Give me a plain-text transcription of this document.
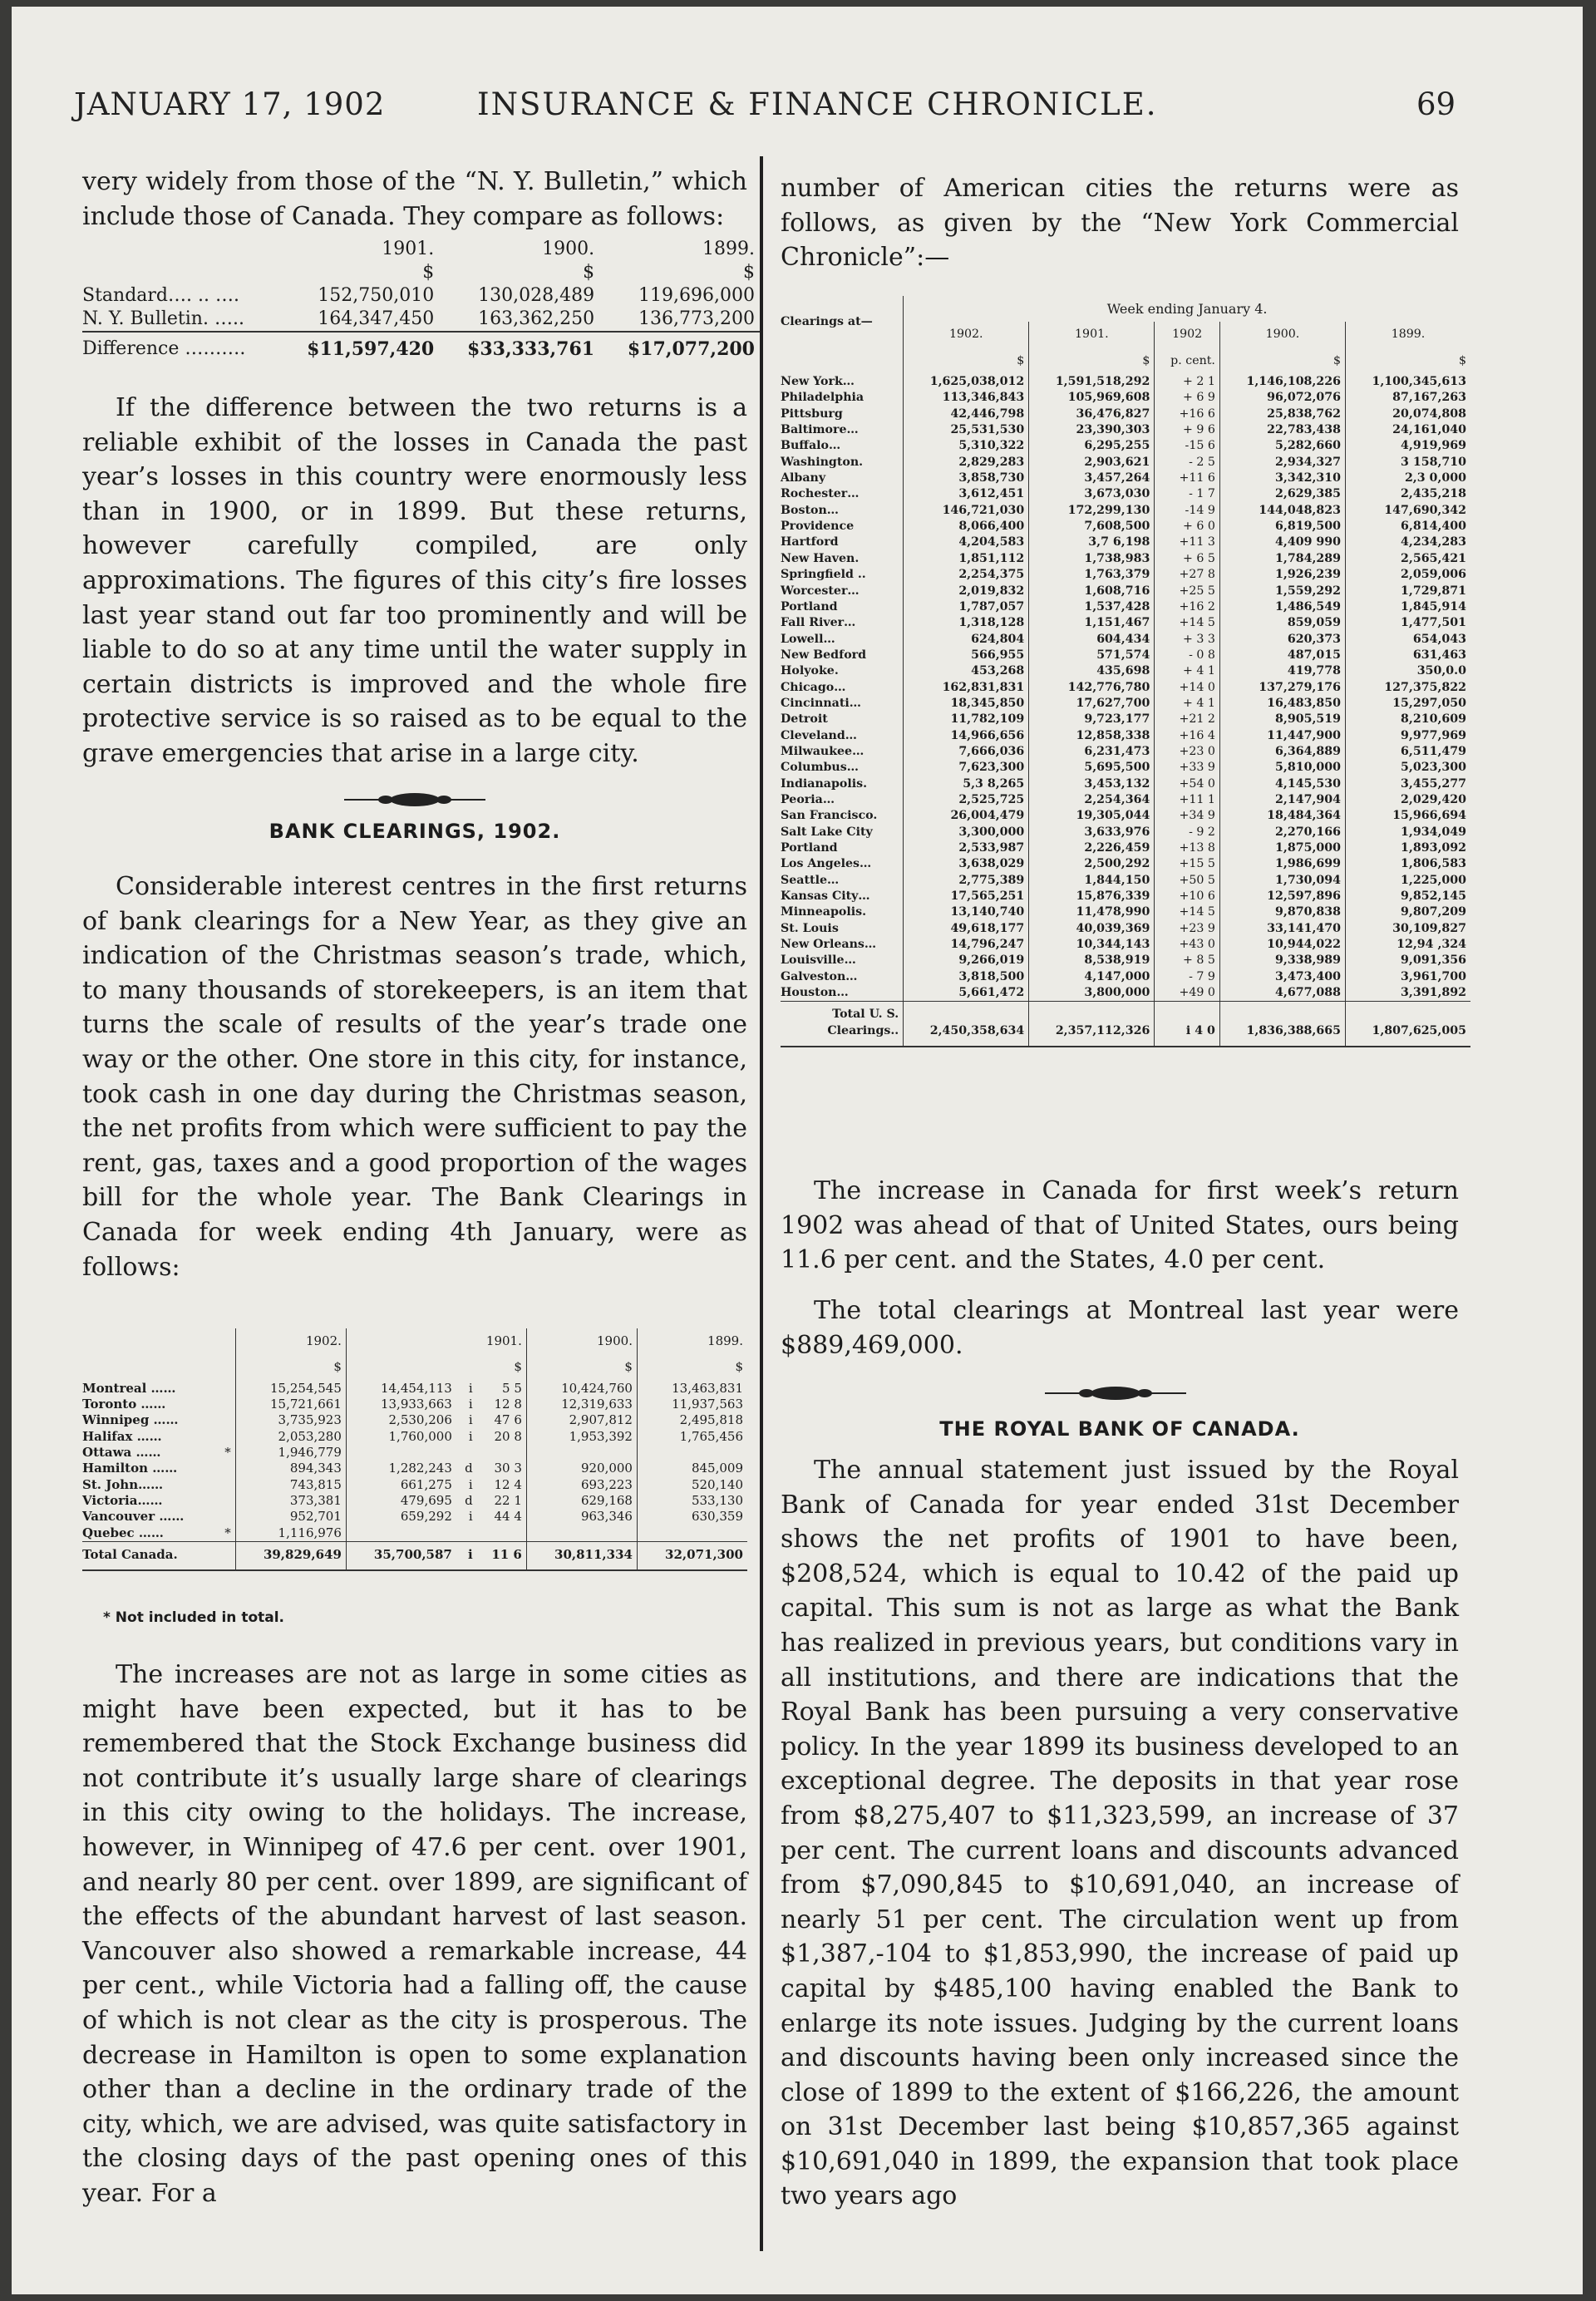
JANUARY 17, 1902	INSURANCE & FINANCE CHRONICLE.	69

very widely from those of the “N. Y. Bulletin,” which include those of Canada. They compare as follows:

	1901.	1900.	1899.
	$	$	$
Standard…. .. ….	152,750,010	130,028,489	119,696,000
N. Y. Bulletin. …..	164,347,450	163,362,250	136,773,200
Difference ……….	$11,597,420	$33,333,761	$17,077,200

If the difference between the two returns is a reliable exhibit of the losses in Canada the past year’s losses in this country were enormously less than in 1900, or in 1899. But these returns, however carefully compiled, are only approximations. The figures of this city’s fire losses last year stand out far too prominently and will be liable to do so at any time until the water supply in certain districts is improved and the whole fire protective service is so raised as to be equal to the grave emergencies that arise in a large city.

BANK CLEARINGS, 1902.

Considerable interest centres in the first returns of bank clearings for a New Year, as they give an indication of the Christmas season’s trade, which, to many thousands of storekeepers, is an item that turns the scale of results of the year’s trade one way or the other. One store in this city, for instance, took cash in one day during the Christmas season, the net profits from which were sufficient to pay the rent, gas, taxes and a good proportion of the wages bill for the whole year. The Bank Clearings in Canada for week ending 4th January, were as follows:

		1902.	1901.			1900.	1899.
		$	$			$	$
Montreal ……		15,254,545	14,454,113	i	5 5	10,424,760	13,463,831
Toronto ……		15,721,661	13,933,663	i	12 8	12,319,633	11,937,563
Winnipeg ……		3,735,923	2,530,206	i	47 6	2,907,812	2,495,818
Halifax ……		2,053,280	1,760,000	i	20 8	1,953,392	1,765,456
Ottawa ……	*	1,946,779					
Hamilton ……		894,343	1,282,243	d	30 3	920,000	845,009
St. John……		743,815	661,275	i	12 4	693,223	520,140
Victoria……		373,381	479,695	d	22 1	629,168	533,130
Vancouver ……		952,701	659,292	i	44 4	963,346	630,359
Quebec ……	*	1,116,976					
Total Canada.		39,829,649	35,700,587	i	11 6	30,811,334	32,071,300
* Not included in total.

The increases are not as large in some cities as might have been expected, but it has to be remembered that the Stock Exchange business did not contribute it’s usually large share of clearings in this city owing to the holidays. The increase, however, in Winnipeg of 47.6 per cent. over 1901, and nearly 80 per cent. over 1899, are significant of the effects of the abundant harvest of last season. Vancouver also showed a remarkable increase, 44 per cent., while Victoria had a falling off, the cause of which is not clear as the city is prosperous. The decrease in Hamilton is open to some explanation other than a decline in the ordinary trade of the city, which, we are advised, was quite satisfactory in the closing days of the past opening ones of this year. For a

number of American cities the returns were as follows, as given by the “New York Commercial Chronicle”:—

Clearings at—	Week ending January 4.				
	1902.	1901.	1902	1900.	1899.
	$	$	p. cent.	$	$
New York…	1,625,038,012	1,591,518,292	+ 2 1	1,146,108,226	1,100,345,613
Philadelphia	113,346,843	105,969,608	+ 6 9	96,072,076	87,167,263
Pittsburg	42,446,798	36,476,827	+16 6	25,838,762	20,074,808
Baltimore…	25,531,530	23,390,303	+ 9 6	22,783,438	24,161,040
Buffalo…	5,310,322	6,295,255	-15 6	5,282,660	4,919,969
Washington.	2,829,283	2,903,621	- 2 5	2,934,327	3 158,710
Albany	3,858,730	3,457,264	+11 6	3,342,310	2,3 0,000
Rochester…	3,612,451	3,673,030	- 1 7	2,629,385	2,435,218
Boston…	146,721,030	172,299,130	-14 9	144,048,823	147,690,342
Providence	8,066,400	7,608,500	+ 6 0	6,819,500	6,814,400
Hartford	4,204,583	3,7 6,198	+11 3	4,409 990	4,234,283
New Haven.	1,851,112	1,738,983	+ 6 5	1,784,289	2,565,421
Springfield ..	2,254,375	1,763,379	+27 8	1,926,239	2,059,006
Worcester…	2,019,832	1,608,716	+25 5	1,559,292	1,729,871
Portland	1,787,057	1,537,428	+16 2	1,486,549	1,845,914
Fall River…	1,318,128	1,151,467	+14 5	859,059	1,477,501
Lowell…	624,804	604,434	+ 3 3	620,373	654,043
New Bedford	566,955	571,574	- 0 8	487,015	631,463
Holyoke.	453,268	435,698	+ 4 1	419,778	350,0.0
Chicago…	162,831,831	142,776,780	+14 0	137,279,176	127,375,822
Cincinnati…	18,345,850	17,627,700	+ 4 1	16,483,850	15,297,050
Detroit	11,782,109	9,723,177	+21 2	8,905,519	8,210,609
Cleveland…	14,966,656	12,858,338	+16 4	11,447,900	9,977,969
Milwaukee…	7,666,036	6,231,473	+23 0	6,364,889	6,511,479
Columbus…	7,623,300	5,695,500	+33 9	5,810,000	5,023,300
Indianapolis.	5,3 8,265	3,453,132	+54 0	4,145,530	3,455,277
Peoria…	2,525,725	2,254,364	+11 1	2,147,904	2,029,420
San Francisco.	26,004,479	19,305,044	+34 9	18,484,364	15,966,694
Salt Lake City	3,300,000	3,633,976	- 9 2	2,270,166	1,934,049
Portland	2,533,987	2,226,459	+13 8	1,875,000	1,893,092
Los Angeles…	3,638,029	2,500,292	+15 5	1,986,699	1,806,583
Seattle…	2,775,389	1,844,150	+50 5	1,730,094	1,225,000
Kansas City…	17,565,251	15,876,339	+10 6	12,597,896	9,852,145
Minneapolis.	13,140,740	11,478,990	+14 5	9,870,838	9,807,209
St. Louis	49,618,177	40,039,369	+23 9	33,141,470	30,109,827
New Orleans…	14,796,247	10,344,143	+43 0	10,944,022	12,94 ,324
Louisville…	9,266,019	8,538,919	+ 8 5	9,338,989	9,091,356
Galveston…	3,818,500	4,147,000	- 7 9	3,473,400	3,961,700
Houston…	5,661,472	3,800,000	+49 0	4,677,088	3,391,892

Total U. S.
Clearings..	2,450,358,634	2,357,112,326	i 4 0	1,836,388,665	1,807,625,005

The increase in Canada for first week’s return 1902 was ahead of that of United States, ours being 11.6 per cent. and the States, 4.0 per cent.

The total clearings at Montreal last year were $889,469,000.

THE ROYAL BANK OF CANADA.

The annual statement just issued by the Royal Bank of Canada for year ended 31st December shows the net profits of 1901 to have been, $208,524, which is equal to 10.42 of the paid up capital. This sum is not as large as what the Bank has realized in previous years, but conditions vary in all institutions, and there are indications that the Royal Bank has been pursuing a very conservative policy. In the year 1899 its business developed to an exceptional degree. The deposits in that year rose from $8,275,407 to $11,323,599, an increase of 37 per cent. The current loans and discounts advanced from $7,090,845 to $10,691,040, an increase of nearly 51 per cent. The circulation went up from $1,387,-104 to $1,853,990, the increase of paid up capital by $485,100 having enabled the Bank to enlarge its note issues. Judging by the current loans and discounts having been only increased since the close of 1899 to the extent of $166,226, the amount on 31st December last being $10,857,365 against $10,691,040 in 1899, the expansion that took place two years ago
